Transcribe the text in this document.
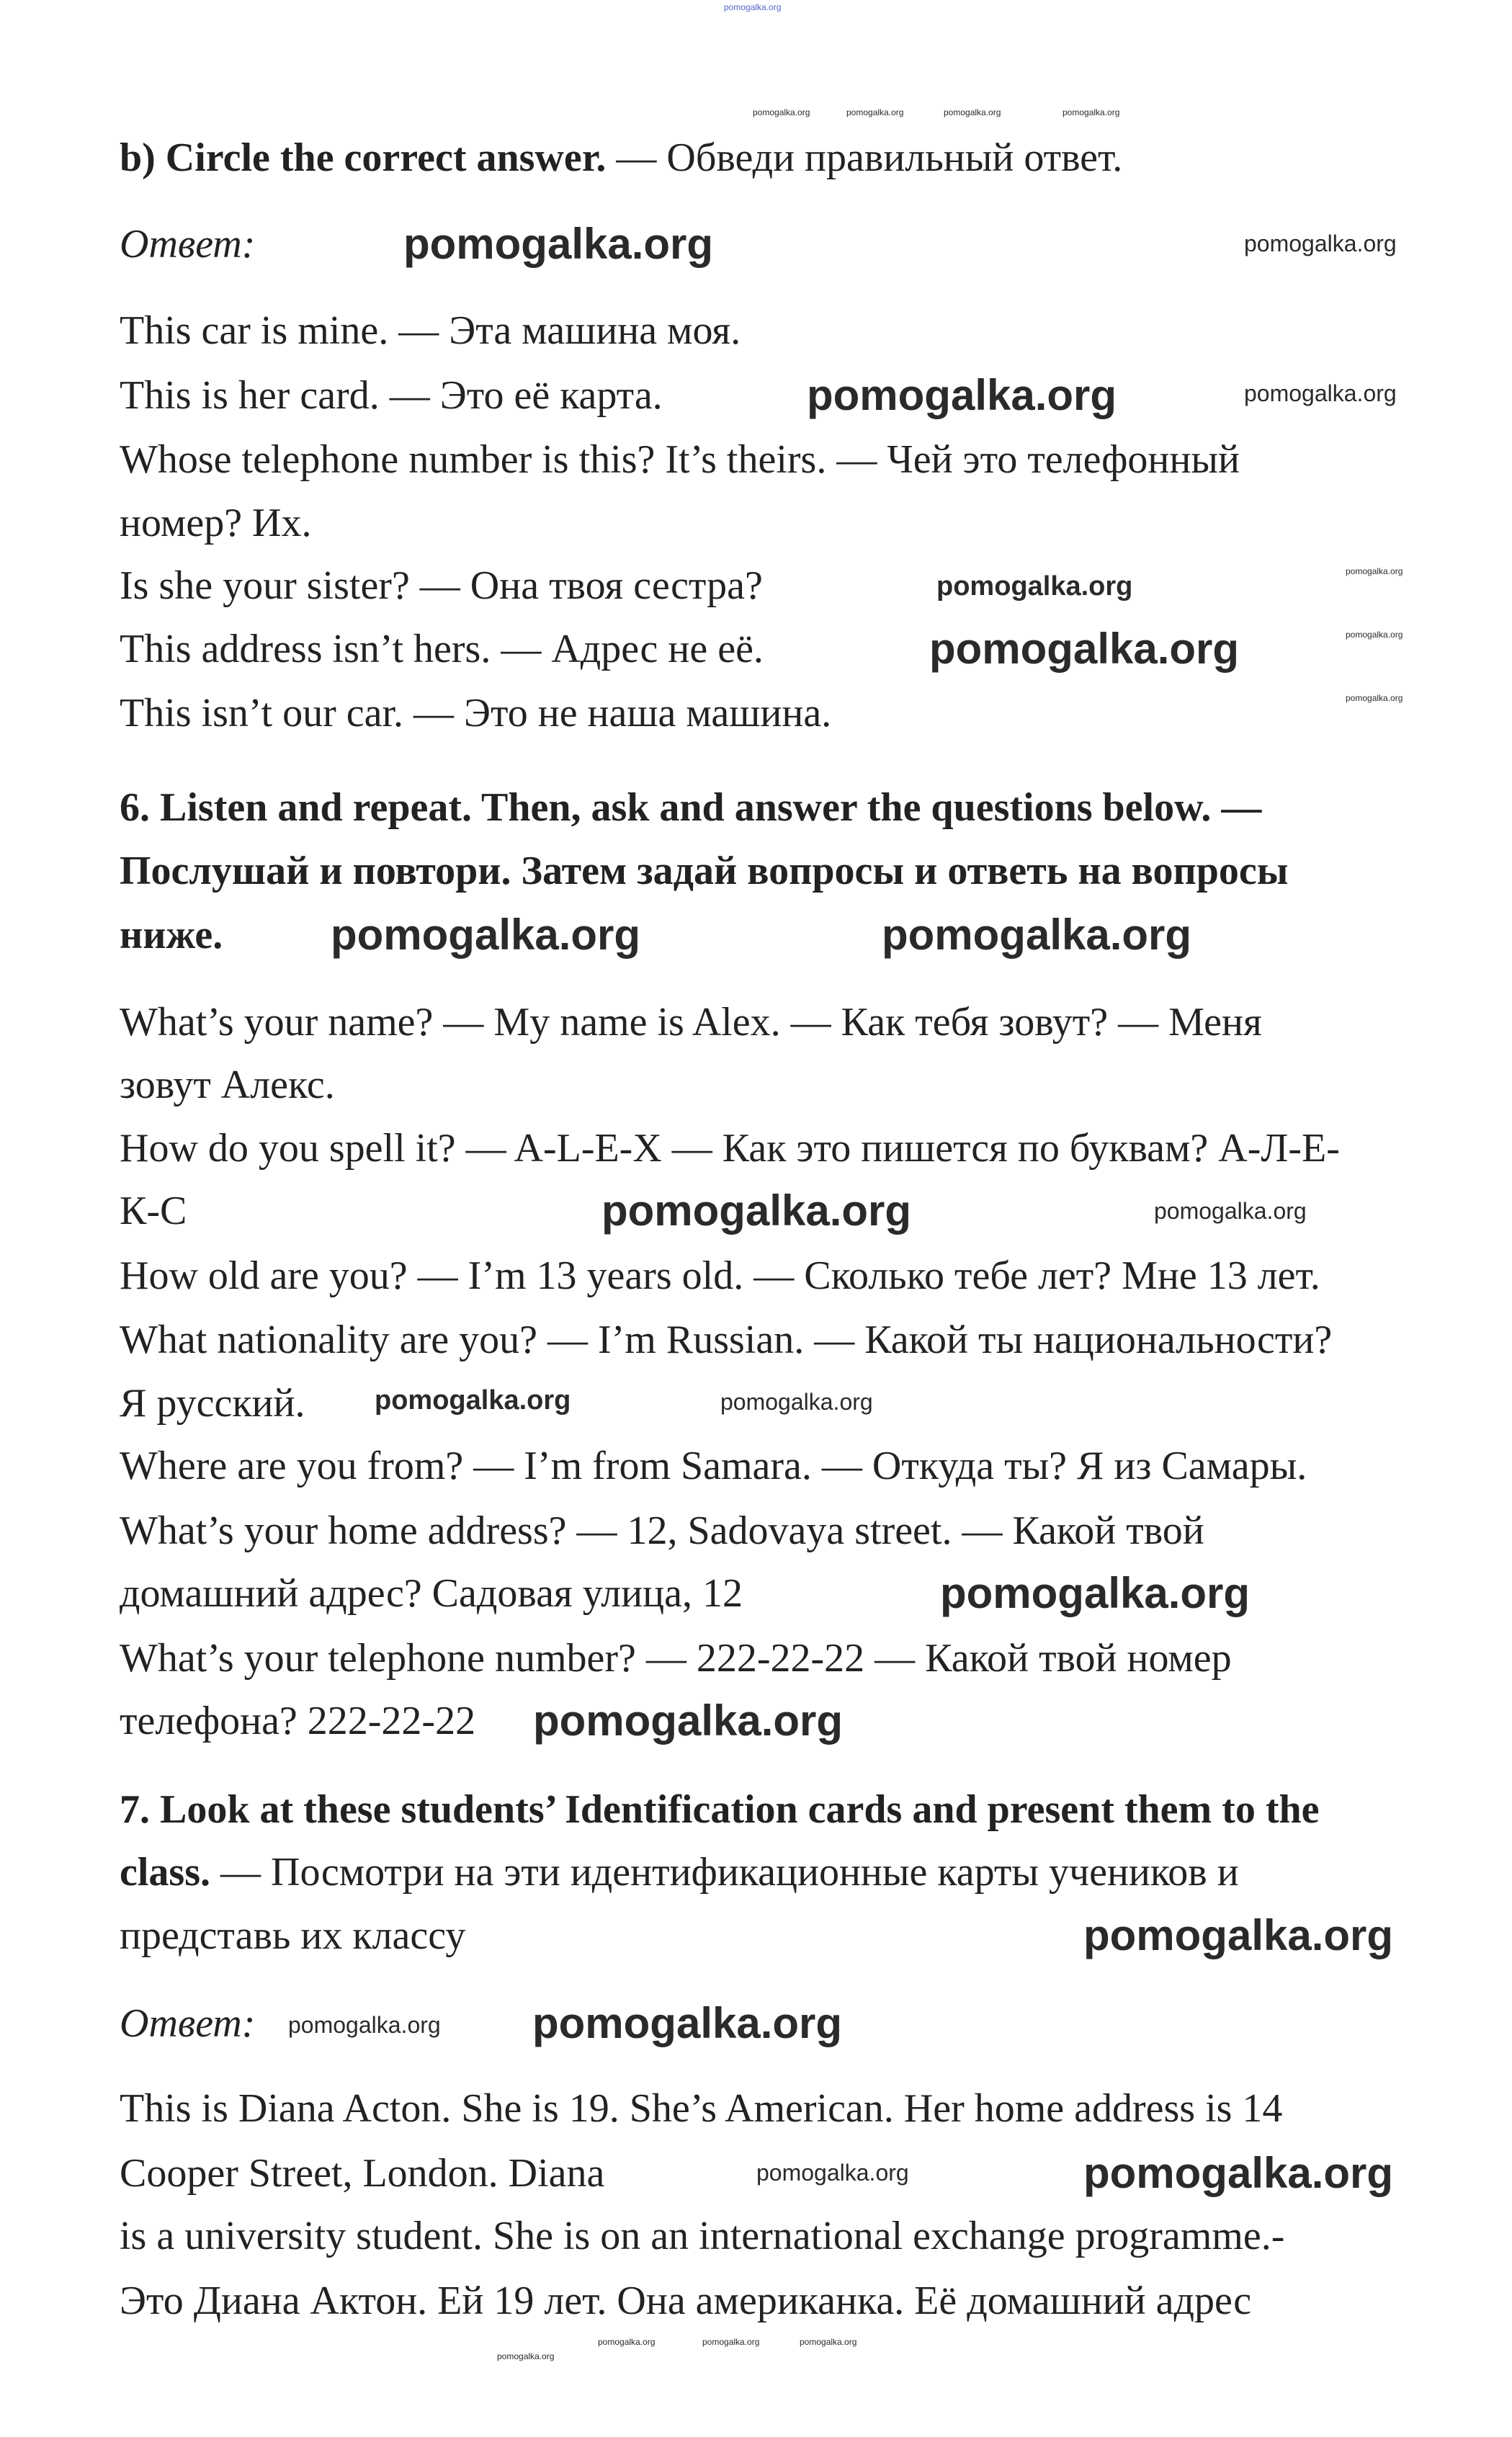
b) Circle the correct answer. — Обведи правильный ответ.
Ответ:
This car is mine. — Эта машина моя.
This is her card. — Это её карта.
Whose telephone number is this? It’s theirs. — Чей это телефонный
номер? Их.
Is she your sister? — Она твоя сестра?
This address isn’t hers. — Адрес не её.
This isn’t our car. — Это не наша машина.
6. Listen and repeat. Then, ask and answer the questions below. —
Послушай и повтори. Затем задай вопросы и ответь на вопросы
ниже.
What’s your name? — My name is Alex. — Как тебя зовут? — Меня
зовут Алекс.
How do you spell it? — A-L-E-X — Как это пишется по буквам? А-Л-Е-
К-С
How old are you? — I’m 13 years old. — Сколько тебе лет? Мне 13 лет.
What nationality are you? — I’m Russian. — Какой ты национальности?
Я русский.
Where are you from? — I’m from Samara. — Откуда ты? Я из Самары.
What’s your home address? — 12, Sadovaya street. — Какой твой
домашний адрес? Садовая улица, 12
What’s your telephone number? — 222-22-22 — Какой твой номер
телефона? 222-22-22
7. Look at these students’ Identification cards and present them to the
class. — Посмотри на эти идентификационные карты учеников и
представь их классу
Ответ:
This is Diana Acton. She is 19. She’s American. Her home address is 14
Cooper Street, London. Diana
is a university student. She is on an international exchange programme.-
Это Диана Актон. Ей 19 лет. Она американка. Её домашний адрес
pomogalka.org
pomogalka.org	pomogalka.org	pomogalka.org	pomogalka.org
pomogalka.org	pomogalka.org
pomogalka.org	pomogalka.org
pomogalka.org
pomogalka.org
pomogalka.org
pomogalka.org
pomogalka.org
pomogalka.org	pomogalka.org
pomogalka.org	pomogalka.org
pomogalka.org	pomogalka.org
pomogalka.org
pomogalka.org
pomogalka.org
pomogalka.org pomogalka.org
pomogalka.org
pomogalka.org
pomogalka.org	pomogalka.org	pomogalka.org
pomogalka.org
